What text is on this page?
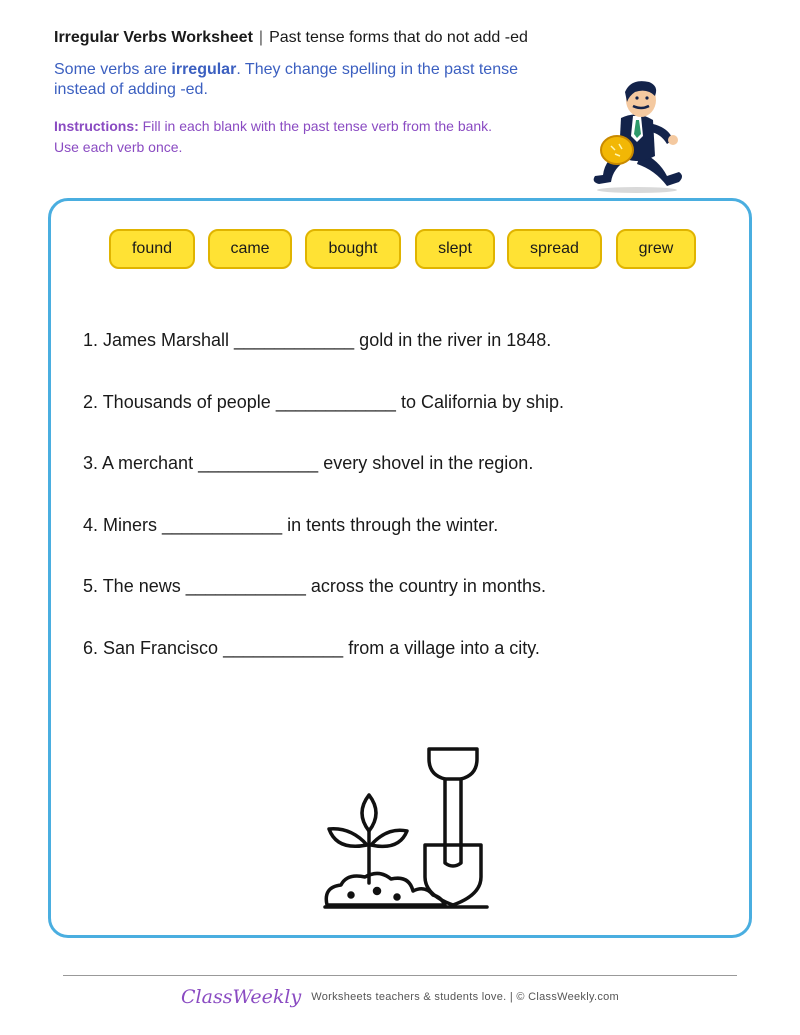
Irregular Verbs Worksheet | Past tense forms that do not add -ed
Some verbs are irregular. They change spelling in the past tense instead of adding -ed.
Instructions: Fill in each blank with the past tense verb from the bank. Use each verb once.
found	came	bought	slept	spread	grew
1. James Marshall ____________ gold in the river in 1848.
2. Thousands of people ____________ to California by ship.
3. A merchant ____________ every shovel in the region.
4. Miners ____________ in tents through the winter.
5. The news ____________ across the country in months.
6. San Francisco ____________ from a village into a city.
ClassWeekly Worksheets teachers & students love. | © ClassWeekly.com
